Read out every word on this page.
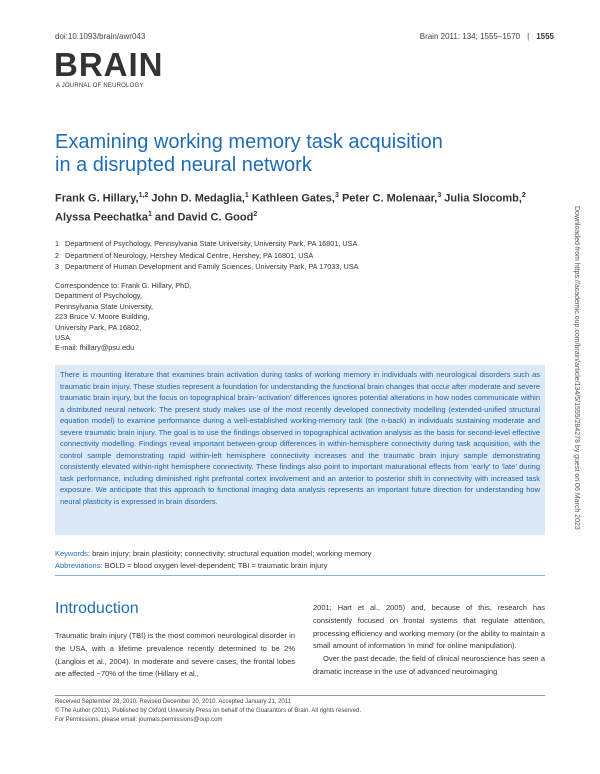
doi:10.1093/brain/awr043	Brain 2011: 134; 1555–1570 | 1555
BRAIN
A JOURNAL OF NEUROLOGY
Examining working memory task acquisition
in a disrupted neural network
Frank G. Hillary,$^{1,2}$ John D. Medaglia,$^1$ Kathleen Gates,$^3$ Peter C. Molenaar,$^3$ Julia Slocomb,$^2$
Alyssa Peechatka$^1$ and David C. Good$^2$
1 Department of Psychology, Pennsylvania State University, University Park, PA 16801, USA
2 Department of Neurology, Hershey Medical Centre, Hershey, PA 16801, USA
3 Department of Human Development and Family Sciences, University Park, PA 17033, USA
Correspondence to: Frank G. Hillary, PhD,
Department of Psychology,
Pennsylvania State University,
223 Bruce V. Moore Building,
University Park, PA 16802,
USA
E-mail: fhillary@psu.edu
There is mounting literature that examines brain activation during tasks of working memory in individuals with neurological disorders such as traumatic brain injury. These studies represent a foundation for understanding the functional brain changes that occur after moderate and severe traumatic brain injury, but the focus on topographical brain-‘activation’ differences ignores potential alterations in how nodes communicate within a distributed neural network. The present study makes use of the most recently developed connectivity modelling (extended-unified structural equation model) to examine performance during a well-established working-memory task (the n-back) in individuals sustaining moderate and severe traumatic brain injury. The goal is to use the findings observed in topographical activation analysis as the basis for second-level effective connectivity modelling. Findings reveal important between-group differences in within-hemisphere connectivity during task acquisition, with the control sample demonstrating rapid within-left hemisphere connectivity increases and the traumatic brain injury sample demonstrating consistently elevated within-right hemisphere connectivity. These findings also point to important maturational effects from ‘early’ to ‘late’ during task performance, including diminished right prefrontal cortex involvement and an anterior to posterior shift in connectivity with increased task exposure. We anticipate that this approach to functional imaging data analysis represents an important future direction for understanding how neural plasticity is expressed in brain disorders.
Keywords: brain injury; brain plasticity; connectivity; structural equation model; working memory
Abbreviations: BOLD = blood oxygen level-dependent; TBI = traumatic brain injury
Introduction

Traumatic brain injury (TBI) is the most common neurological disorder in the USA, with a lifetime prevalence recently determined to be 2% (Langlois et al., 2004). In moderate and severe cases, the frontal lobes are affected ~70% of the time (Hillary et al.,

2001; Hart et al., 2005) and, because of this, research has consistently focused on frontal systems that regulate attention, processing efficiency and working memory (or the ability to maintain a small amount of information ‘in mind’ for online manipulation).

Over the past decade, the field of clinical neuroscience has seen a dramatic increase in the use of advanced neuroimaging

Received September 28, 2010. Revised December 20, 2010. Accepted January 21, 2011
© The Author (2011). Published by Oxford University Press on behalf of the Guarantors of Brain. All rights reserved.
For Permissions, please email: journals.permissions@oup.com
Downloaded from https://academic.oup.com/brain/article/134/5/1555/284278 by guest on 06 March 2023
